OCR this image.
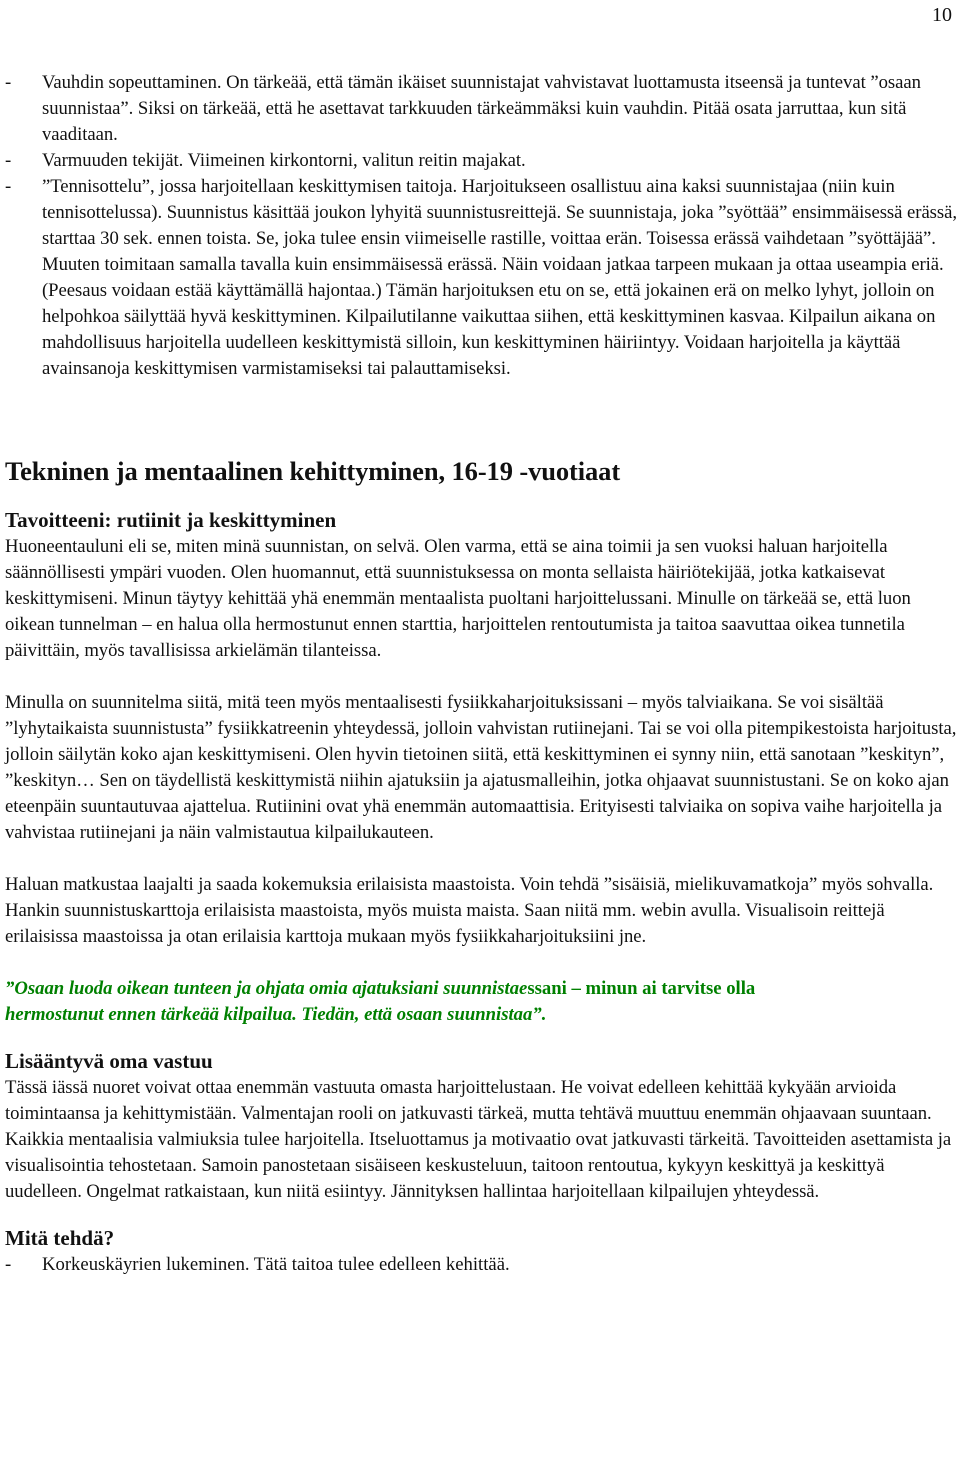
10
- Vauhdin sopeuttaminen. On tärkeää, että tämän ikäiset suunnistajat vahvistavat luottamusta itseensä ja tuntevat ”osaan suunnistaa”. Siksi on tärkeää, että he asettavat tarkkuuden tärkeämmäksi kuin vauhdin. Pitää osata jarruttaa, kun sitä vaaditaan.
- Varmuuden tekijät. Viimeinen kirkontorni, valitun reitin majakat.
- ”Tennisottelu”, jossa harjoitellaan keskittymisen taitoja. Harjoitukseen osallistuu aina kaksi suunnistajaa (niin kuin tennisottelussa). Suunnistus käsittää joukon lyhyitä suunnistusreittejä. Se suunnistaja, joka ”syöttää” ensimmäisessä erässä, starttaa 30 sek. ennen toista. Se, joka tulee ensin viimeiselle rastille, voittaa erän. Toisessa erässä vaihdetaan ”syöttäjää”. Muuten toimitaan samalla tavalla kuin ensimmäisessä erässä. Näin voidaan jatkaa tarpeen mukaan ja ottaa useampia eriä. (Peesaus voidaan estää käyttämällä hajontaa.) Tämän harjoituksen etu on se, että jokainen erä on melko lyhyt, jolloin on helpohkoa säilyttää hyvä keskittyminen. Kilpailutilanne vaikuttaa siihen, että keskittyminen kasvaa. Kilpailun aikana on mahdollisuus harjoitella uudelleen keskittymistä silloin, kun keskittyminen häiriintyy. Voidaan harjoitella ja käyttää avainsanoja keskittymisen varmistamiseksi tai palauttamiseksi.
Tekninen ja mentaalinen kehittyminen, 16-19 -vuotiaat
Tavoitteeni: rutiinit ja keskittyminen

Huoneentauluni eli se, miten minä suunnistan, on selvä. Olen varma, että se aina toimii ja sen vuoksi haluan harjoitella säännöllisesti ympäri vuoden. Olen huomannut, että suunnistuksessa on monta sellaista häiriötekijää, jotka katkaisevat keskittymiseni. Minun täytyy kehittää yhä enemmän mentaalista puoltani harjoittelussani. Minulle on tärkeää se, että luon oikean tunnelman – en halua olla hermostunut ennen starttia, harjoittelen rentoutumista ja taitoa saavuttaa oikea tunnetila päivittäin, myös tavallisissa arkielämän tilanteissa.

Minulla on suunnitelma siitä, mitä teen myös mentaalisesti fysiikkaharjoituksissani – myös talviaikana. Se voi sisältää ”lyhytaikaista suunnistusta” fysiikkatreenin yhteydessä, jolloin vahvistan rutiinejani. Tai se voi olla pitempikestoista harjoitusta, jolloin säilytän koko ajan keskittymiseni. Olen hyvin tietoinen siitä, että keskittyminen ei synny niin, että sanotaan ”keskityn”, ”keskityn… Sen on täydellistä keskittymistä niihin ajatuksiin ja ajatusmalleihin, jotka ohjaavat suunnistustani. Se on koko ajan eteenpäin suuntautuvaa ajattelua. Rutiinini ovat yhä enemmän automaattisia. Erityisesti talviaika on sopiva vaihe harjoitella ja vahvistaa rutiinejani ja näin valmistautua kilpailukauteen.

Haluan matkustaa laajalti ja saada kokemuksia erilaisista maastoista. Voin tehdä ”sisäisiä, mielikuvamatkoja” myös sohvalla. Hankin suunnistuskarttoja erilaisista maastoista, myös muista maista. Saan niitä mm. webin avulla. Visualisoin reittejä erilaisissa maastoissa ja otan erilaisia karttoja mukaan myös fysiikkaharjoituksiini jne.

”Osaan luoda oikean tunteen ja ohjata omia ajatuksiani suunnistaessani – minun ai tarvitse olla
hermostunut ennen tärkeää kilpailua. Tiedän, että osaan suunnistaa”.

Lisääntyvä oma vastuu

Tässä iässä nuoret voivat ottaa enemmän vastuuta omasta harjoittelustaan. He voivat edelleen kehittää kykyään arvioida toimintaansa ja kehittymistään. Valmentajan rooli on jatkuvasti tärkeä, mutta tehtävä muuttuu enemmän ohjaavaan suuntaan.

Kaikkia mentaalisia valmiuksia tulee harjoitella. Itseluottamus ja motivaatio ovat jatkuvasti tärkeitä. Tavoitteiden asettamista ja visualisointia tehostetaan. Samoin panostetaan sisäiseen keskusteluun, taitoon rentoutua, kykyyn keskittyä ja keskittyä uudelleen. Ongelmat ratkaistaan, kun niitä esiintyy. Jännityksen hallintaa harjoitellaan kilpailujen yhteydessä.

Mitä tehdä?
- Korkeuskäyrien lukeminen. Tätä taitoa tulee edelleen kehittää.
